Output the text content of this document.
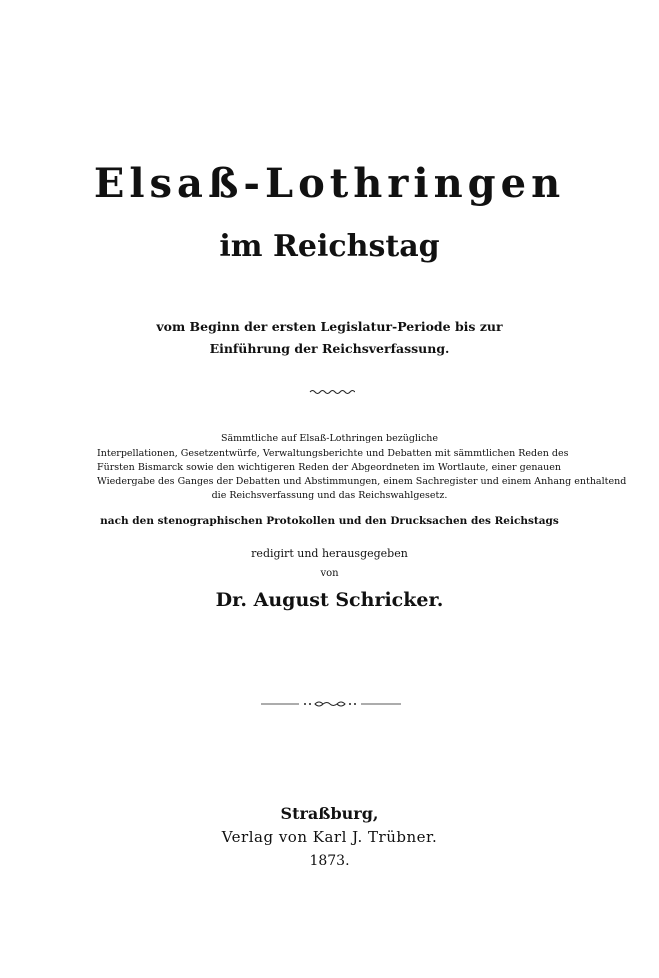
Elsaß-Lothringen
im Reichstag
vom Beginn der ersten Legislatur-Periode bis zur
Einführung der Reichsverfassung.
Sämmtliche auf Elsaß-Lothringen bezügliche
Interpellationen, Gesetzentwürfe, Verwaltungsberichte und Debatten mit sämmtlichen Reden des
Fürsten Bismarck sowie den wichtigeren Reden der Abgeordneten im Wortlaute, einer genauen
Wiedergabe des Ganges der Debatten und Abstimmungen, einem Sachregister und einem Anhang enthaltend
die Reichsverfassung und das Reichswahlgesetz.
nach den stenographischen Protokollen und den Drucksachen des Reichstags
redigirt und herausgegeben
von
Dr. August Schricker.
Straßburg,
Verlag von Karl J. Trübner.
1873.
